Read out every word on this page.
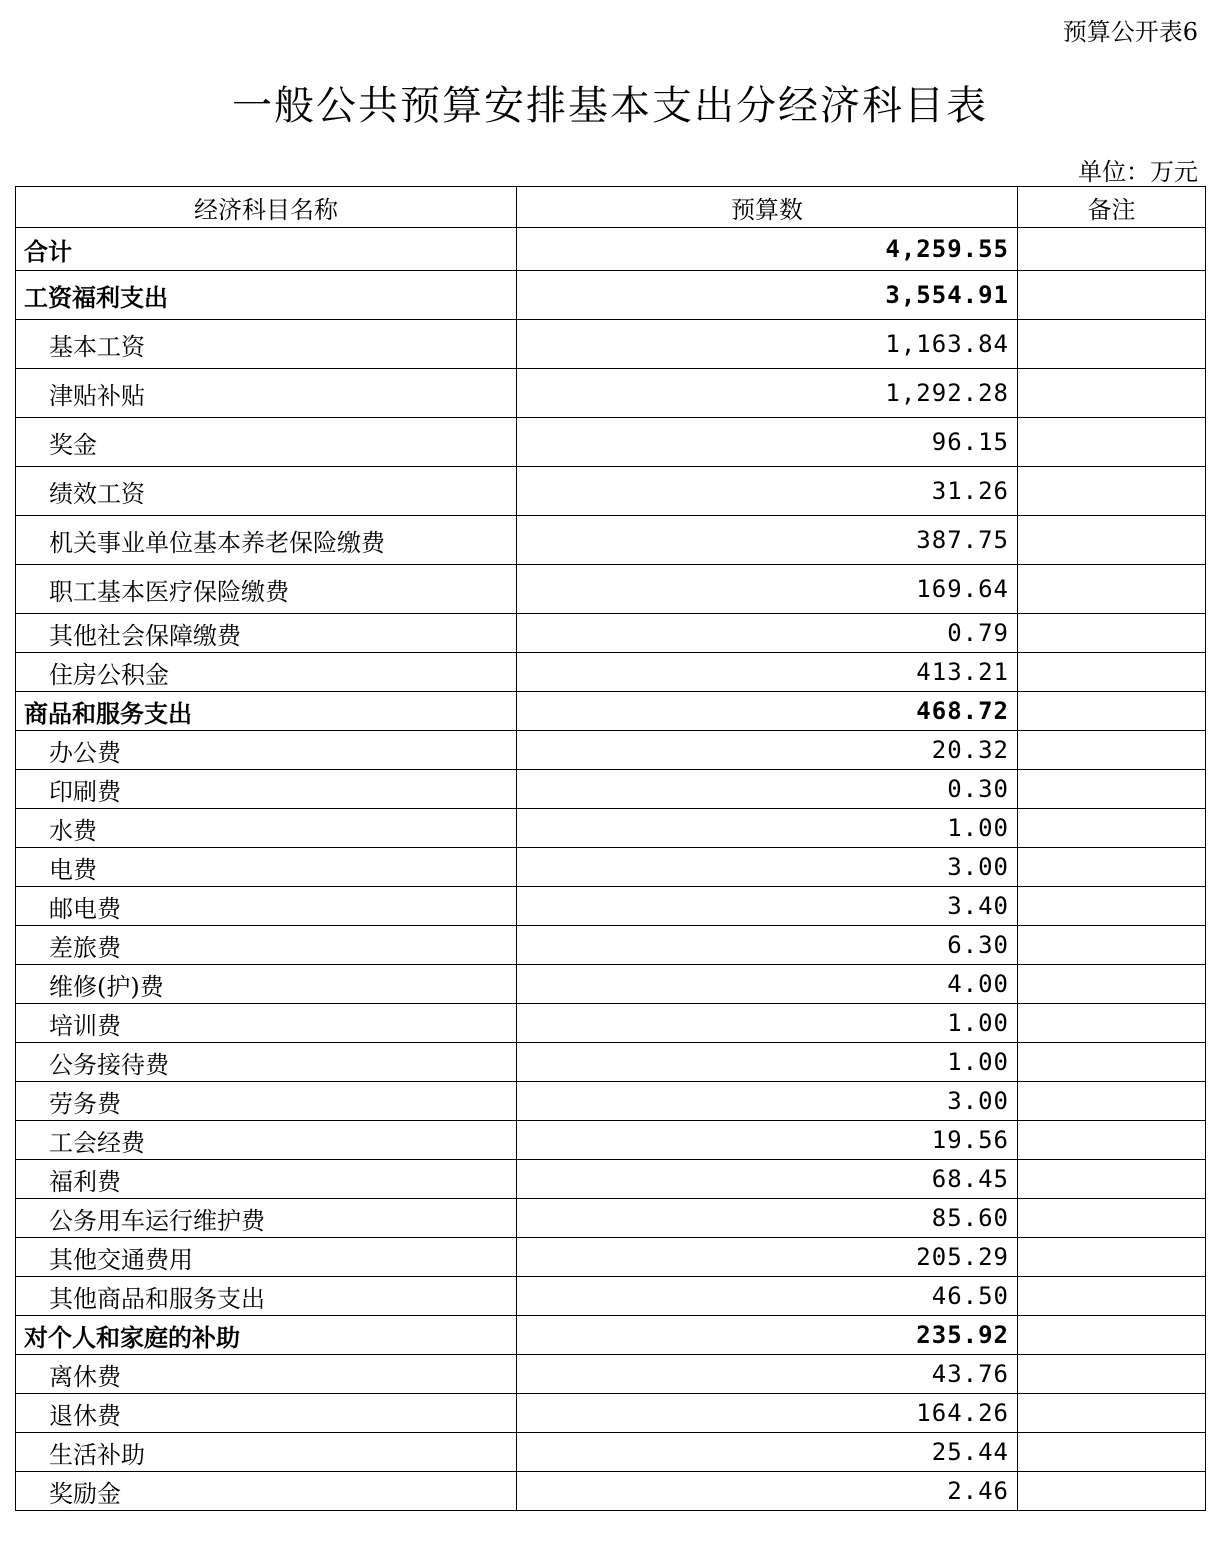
预算公开表6
一般公共预算安排基本支出分经济科目表
单位：万元
经济科目名称	预算数	备注
合计	4,259.55	
工资福利支出	3,554.91	
基本工资	1,163.84	
津贴补贴	1,292.28	
奖金	96.15	
绩效工资	31.26	
机关事业单位基本养老保险缴费	387.75	
职工基本医疗保险缴费	169.64	
其他社会保障缴费	0.79	
住房公积金	413.21	
商品和服务支出	468.72	
办公费	20.32	
印刷费	0.30	
水费	1.00	
电费	3.00	
邮电费	3.40	
差旅费	6.30	
维修(护)费	4.00	
培训费	1.00	
公务接待费	1.00	
劳务费	3.00	
工会经费	19.56	
福利费	68.45	
公务用车运行维护费	85.60	
其他交通费用	205.29	
其他商品和服务支出	46.50	
对个人和家庭的补助	235.92	
离休费	43.76	
退休费	164.26	
生活补助	25.44	
奖励金	2.46	
